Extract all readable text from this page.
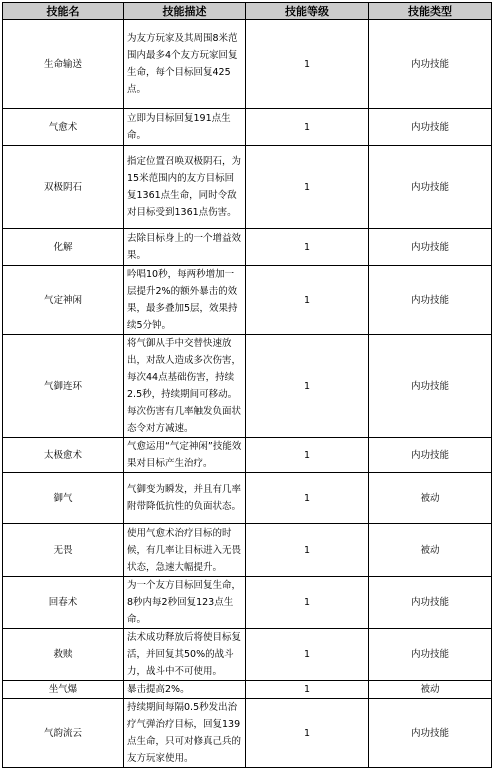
技能名	技能描述	技能等级	技能类型
生命输送	为友方玩家及其周围8米范围内最多4个友方玩家回复生命，每个目标回复425点。	1	内功技能
气愈术	立即为目标回复191点生命。	1	内功技能
双极阴石	指定位置召唤双极阴石，为15米范围内的友方目标回复1361点生命，同时令敌对目标受到1361点伤害。	1	内功技能
化解	去除目标身上的一个增益效果。	1	内功技能
气定神闲	吟唱10秒，每两秒增加一层提升2%的额外暴击的效果，最多叠加5层，效果持续5分钟。	1	内功技能
气御连环	将气御从手中交替快速放出，对敌人造成多次伤害，每次44点基础伤害，持续2.5秒，持续期间可移动。每次伤害有几率触发负面状态令对方减速。	1	内功技能
太极愈术	气愈运用“气定神闲”技能效果对目标产生治疗。	1	内功技能
御气	气御变为瞬发，并且有几率附带降低抗性的负面状态。	1	被动
无畏	使用气愈术治疗目标的时候，有几率让目标进入无畏状态，急速大幅提升。	1	被动
回春术	为一个友方目标回复生命，8秒内每2秒回复123点生命。	1	内功技能
救赎	法术成功释放后将使目标复活，并回复其50%的战斗力，战斗中不可使用。	1	内功技能
坐气爆	暴击提高2%。	1	被动
气韵流云	持续期间每隔0.5秒发出治疗气弹治疗目标，回复139点生命，只可对修真己兵的友方玩家使用。	1	内功技能
